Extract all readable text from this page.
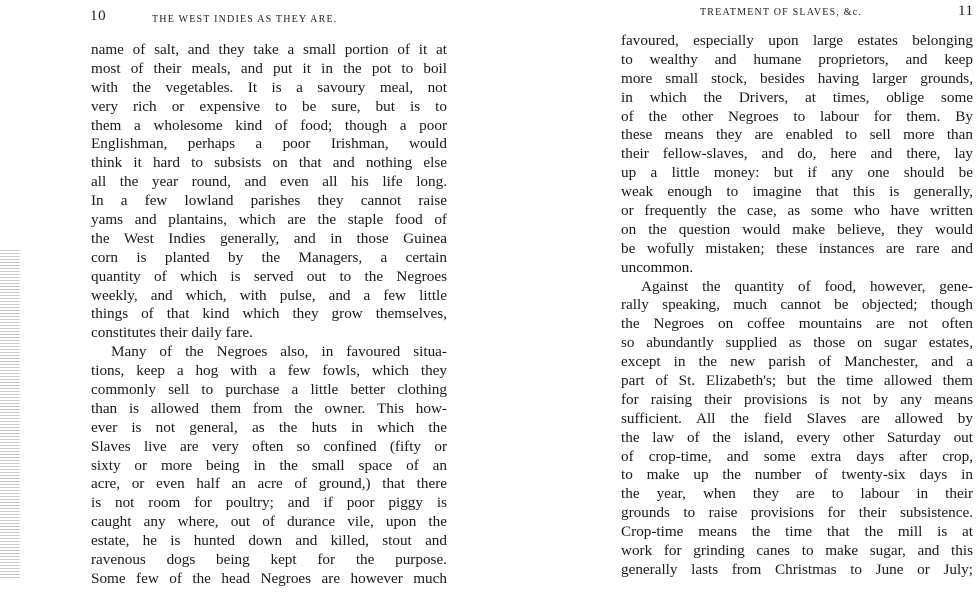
10	THE WEST INDIES AS THEY ARE.
name of salt, and they take a small portion of it at
most of their meals, and put it in the pot to boil
with the vegetables. It is a savoury meal, not
very rich or expensive to be sure, but is to
them a wholesome kind of food; though a poor
Englishman, perhaps a poor Irishman, would
think it hard to subsists on that and nothing else
all the year round, and even all his life long.
In a few lowland parishes they cannot raise
yams and plantains, which are the staple food of
the West Indies generally, and in those Guinea
corn is planted by the Managers, a certain
quantity of which is served out to the Negroes
weekly, and which, with pulse, and a few little
things of that kind which they grow themselves,
constitutes their daily fare.
Many of the Negroes also, in favoured situa-
tions, keep a hog with a few fowls, which they
commonly sell to purchase a little better clothing
than is allowed them from the owner. This how-
ever is not general, as the huts in which the
Slaves live are very often so confined (fifty or
sixty or more being in the small space of an
acre, or even half an acre of ground,) that there
is not room for poultry; and if poor piggy is
caught any where, out of durance vile, upon the
estate, he is hunted down and killed, stout and
ravenous dogs being kept for the purpose.
Some few of the head Negroes are however much
TREATMENT OF SLAVES, &c.	11
favoured, especially upon large estates belonging
to wealthy and humane proprietors, and keep
more small stock, besides having larger grounds,
in which the Drivers, at times, oblige some
of the other Negroes to labour for them. By
these means they are enabled to sell more than
their fellow-slaves, and do, here and there, lay
up a little money: but if any one should be
weak enough to imagine that this is generally,
or frequently the case, as some who have written
on the question would make believe, they would
be wofully mistaken; these instances are rare and
uncommon.
Against the quantity of food, however, gene-
rally speaking, much cannot be objected; though
the Negroes on coffee mountains are not often
so abundantly supplied as those on sugar estates,
except in the new parish of Manchester, and a
part of St. Elizabeth's; but the time allowed them
for raising their provisions is not by any means
sufficient. All the field Slaves are allowed by
the law of the island, every other Saturday out
of crop-time, and some extra days after crop,
to make up the number of twenty-six days in
the year, when they are to labour in their
grounds to raise provisions for their subsistence.
Crop-time means the time that the mill is at
work for grinding canes to make sugar, and this
generally lasts from Christmas to June or July;
